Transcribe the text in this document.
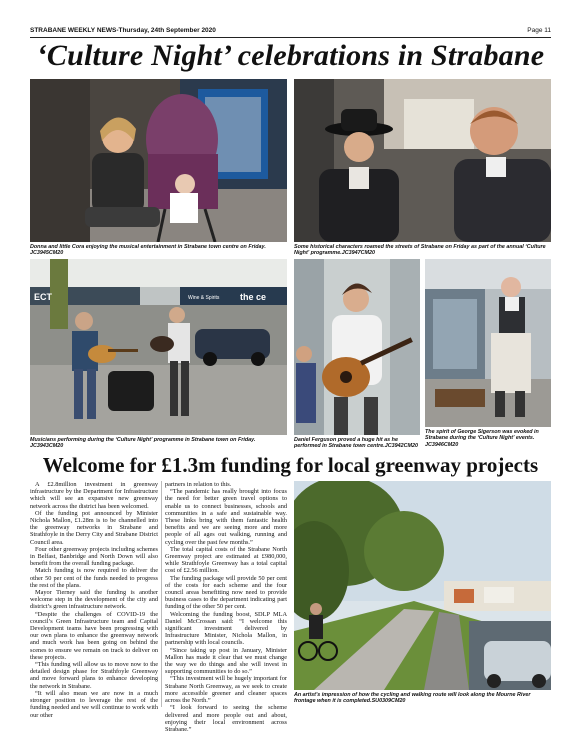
STRABANE WEEKLY NEWS-Thursday, 24th September 2020	Page 11
‘Culture Night’ celebrations in Strabane
Donna and little Cora enjoying the musical entertainment in Strabane town centre on Friday. JC3945CM20
Some historical characters roamed the streets of Strabane on Friday as part of the annual ‘Culture Night’ programme.JC3947CM20
ECT	Wine & Spirits the ce
Musicians performing during the ‘Culture Night’ programme in Strabane town on Friday. JC3943CM20
Daniel Ferguson proved a huge hit as he performed in Strabane town centre.JC3942CM20
The spirit of George Sigerson was evoked in Strabane during the ‘Culture Night’ events. JC3946CM20
Welcome for £1.3m funding for local greenway projects

A £2.8million investment in greenway infrastructure by the Department for Infrastructure which will see an expansive new greenway network across the district has been welcomed.

Of the funding pot announced by Minister Nichola Mallon, £1.28m is to be channelled into the greenway networks in Strabane and Strathfoyle in the Derry City and Strabane District Council area.

Four other greenway projects including schemes in Belfast, Banbridge and North Down will also benefit from the overall funding package.

Match funding is now required to deliver the other 50 per cent of the funds needed to progress the rest of the plans.

Mayor Tierney said the funding is another welcome step in the development of the city and district’s green infrastructure network.

“Despite the challenges of COVID-19 the council’s Green Infrastructure team and Capital Development teams have been progressing with our own plans to enhance the greenway network and much work has been going on behind the scenes to ensure we remain on track to deliver on these projects.

“This funding will allow us to move now to the detailed design phase for Strathfoyle Greenway and move forward plans to enhance developing the network in Strabane.

“It will also mean we are now in a much stronger position to leverage the rest of the funding needed and we will continue to work with our other

partners in relation to this.

“The pandemic has really brought into focus the need for better green travel options to enable us to connect businesses, schools and communities in a safe and sustainable way. These links bring with them fantastic health benefits and we are seeing more and more people of all ages out walking, running and cycling over the past few months.”

The total capital costs of the Strabane North Greenway project are estimated at £980,000, while Strathfoyle Greenway has a total capital cost of £2.56 million.

The funding package will provide 50 per cent of the costs for each scheme and the four council areas benefitting now need to provide business cases to the department indicating part funding of the other 50 per cent.

Welcoming the funding boost, SDLP MLA Daniel McCrossan said: “I welcome this significant investment delivered by Infrastructure Minister, Nichola Mallon, in partnership with local councils.

“Since taking up post in January, Minister Mallon has made it clear that we must change the way we do things and she will invest in supporting communities to do so.”

“This investment will be hugely important for Strabane North Greenway, as we seek to create more accessible greener and cleaner spaces across the North.”

“I look forward to seeing the scheme delivered and more people out and about, enjoying their local environment across Strabane.”

An artist’s impression of how the cycling and walking route will look along the Mourne River frontage when it is completed.SU0309CM20
